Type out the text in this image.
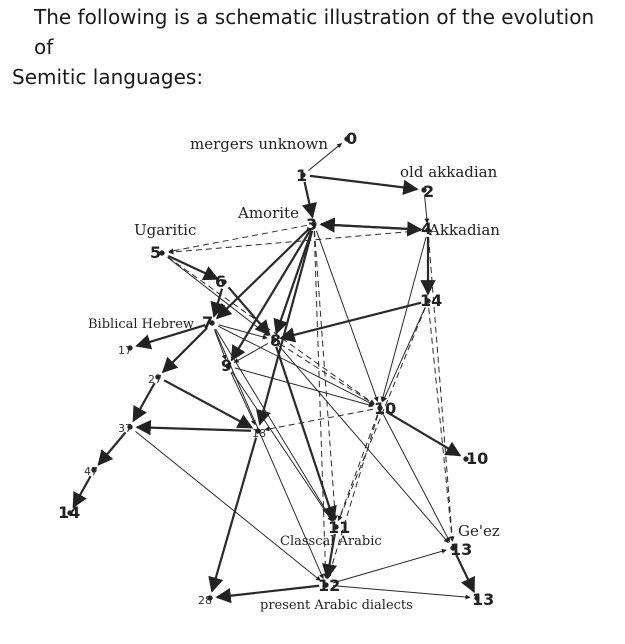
The following is a schematic illustration of the evolution of
Semitic languages:
0
1
2
3	4
5
6
7
8
9
10
10
11
12
13
13
14
14
17
18
27
37
47
28
mergers unknown
old akkadian
Amorite
Akkadian
Ugaritic
Biblical Hebrew
Classcal Arabic
Ge'ez
present Arabic dialects
